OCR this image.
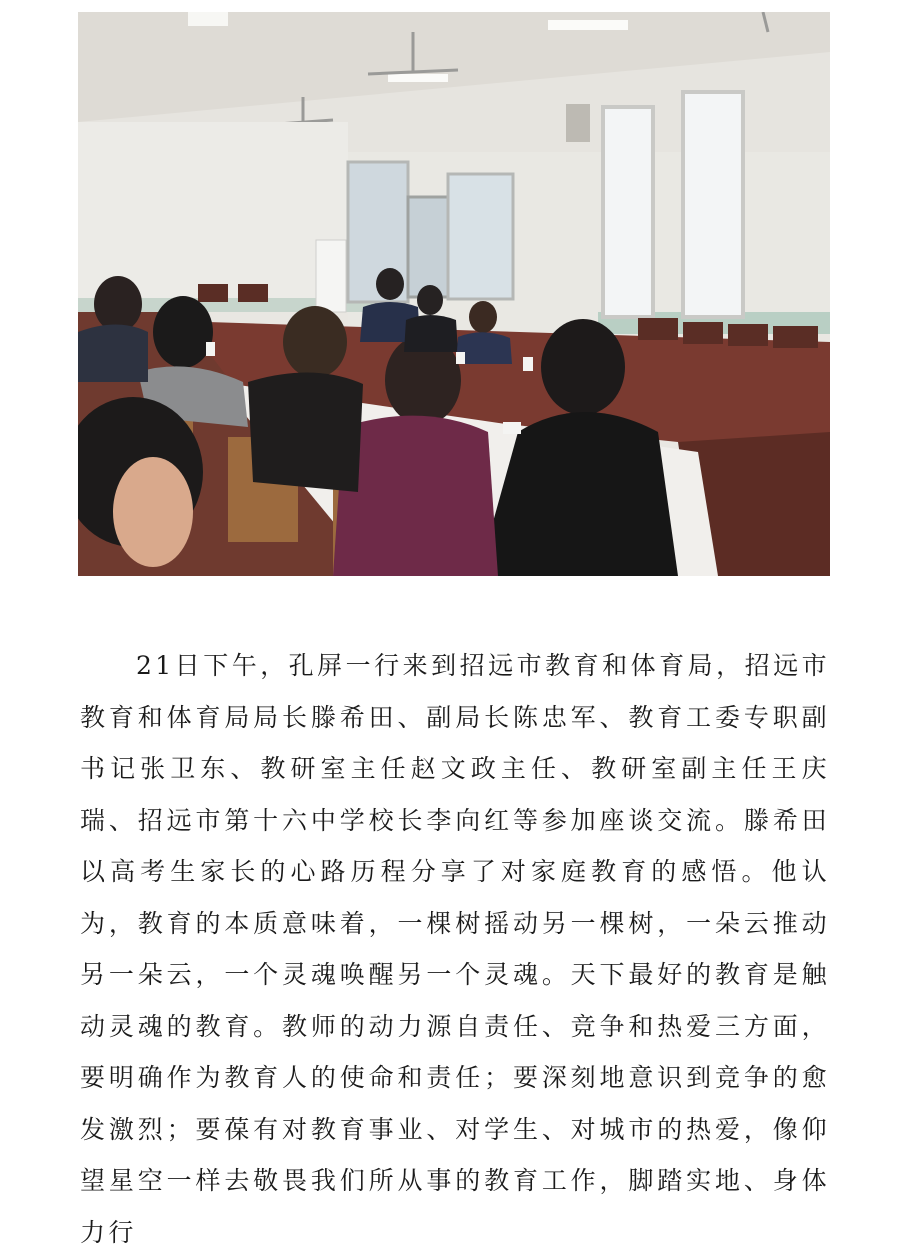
21日下午，孔屏一行来到招远市教育和体育局，招远市教育和体育局局长滕希田、副局长陈忠军、教育工委专职副书记张卫东、教研室主任赵文政主任、教研室副主任王庆瑞、招远市第十六中学校长李向红等参加座谈交流。滕希田以高考生家长的心路历程分享了对家庭教育的感悟。他认为，教育的本质意味着，一棵树摇动另一棵树，一朵云推动另一朵云，一个灵魂唤醒另一个灵魂。天下最好的教育是触动灵魂的教育。教师的动力源自责任、竞争和热爱三方面，要明确作为教育人的使命和责任；要深刻地意识到竞争的愈发激烈；要葆有对教育事业、对学生、对城市的热爱，像仰望星空一样去敬畏我们所从事的教育工作，脚踏实地、身体力行
